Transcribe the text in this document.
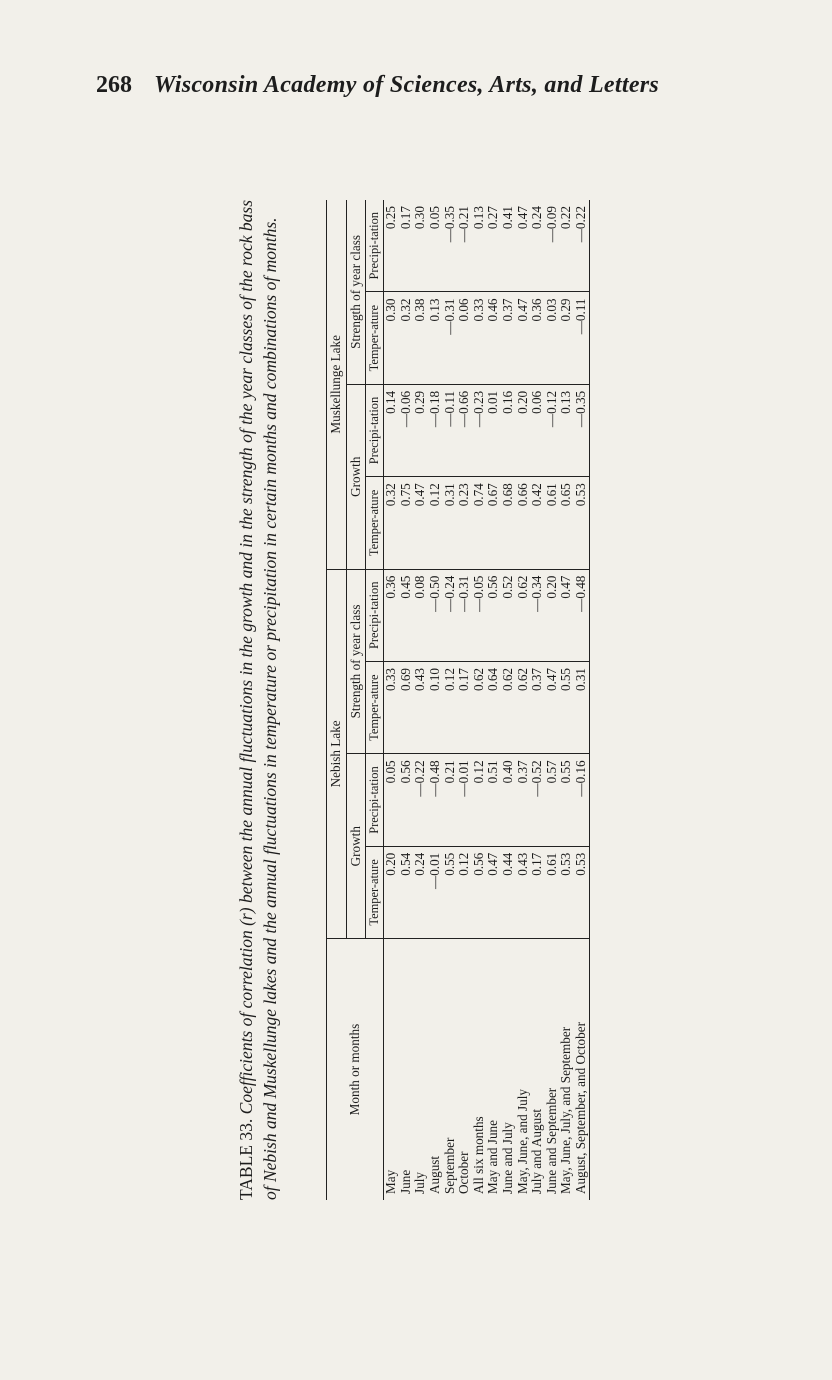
268 Wisconsin Academy of Sciences, Arts, and Letters
TABLE 33. Coefficients of correlation (r) between the annual fluctuations in the growth and in the strength of the year classes of the rock bass of Nebish and Muskellunge lakes and the annual fluctuations in temperature or precipitation in certain months and combinations of months.	Month or months	Nebish Lake				Muskellunge Lake			
	Growth		Strength of year class		Growth		Strength of year class	
	Temper-ature	Precipi-tation	Temper-ature	Precipi-tation	Temper-ature	Precipi-tation	Temper-ature	Precipi-tation
May	0.20	0.05	0.33	0.36	0.32	0.14	0.30	0.25
June	0.54	0.56	0.69	0.45	0.75	—0.06	0.32	0.17
July	0.24	—0.22	0.43	0.08	0.47	0.29	0.38	0.30
August	—0.01	—0.48	0.10	—0.50	0.12	—0.18	0.13	0.05
September	0.55	0.21	0.12	—0.24	0.31	—0.11	—0.31	—0.35
October	0.12	—0.01	0.17	—0.31	0.23	—0.66	0.06	—0.21
All six months	0.56	0.12	0.62	—0.05	0.74	—0.23	0.33	0.13
May and June	0.47	0.51	0.64	0.56	0.67	0.01	0.46	0.27
June and July	0.44	0.40	0.62	0.52	0.68	0.16	0.37	0.41
May, June, and July	0.43	0.37	0.62	0.62	0.66	0.20	0.47	0.47
July and August	0.17	—0.52	0.37	—0.34	0.42	0.06	0.36	0.24
June and September	0.61	0.57	0.47	0.20	0.61	—0.12	0.03	—0.09
May, June, July, and September	0.53	0.55	0.55	0.47	0.65	0.13	0.29	0.22
August, September, and October	0.53	—0.16	0.31	—0.48	0.53	—0.35	—0.11	—0.22
